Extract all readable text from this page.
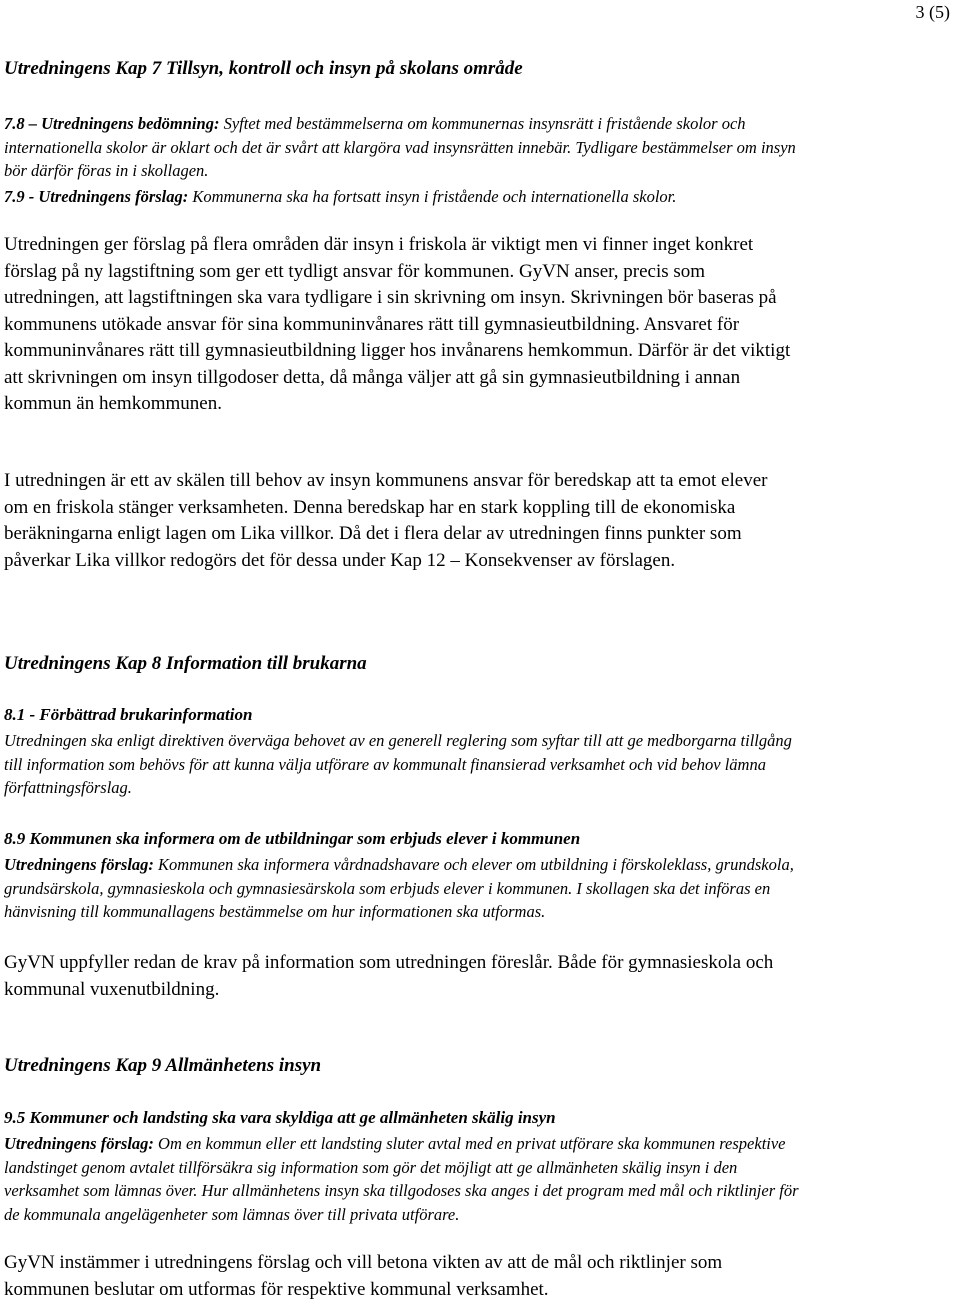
3 (5)
Utredningens Kap 7 Tillsyn, kontroll och insyn på skolans område

7.8 – Utredningens bedömning: Syftet med bestämmelserna om kommunernas insynsrätt i fristående skolor och internationella skolor är oklart och det är svårt att klargöra vad insynsrätten innebär. Tydligare bestämmelser om insyn bör därför föras in i skollagen.

7.9 - Utredningens förslag: Kommunerna ska ha fortsatt insyn i fristående och internationella skolor.

Utredningen ger förslag på flera områden där insyn i friskola är viktigt men vi finner inget konkret förslag på ny lagstiftning som ger ett tydligt ansvar för kommunen. GyVN anser, precis som utredningen, att lagstiftningen ska vara tydligare i sin skrivning om insyn. Skrivningen bör baseras på kommunens utökade ansvar för sina kommuninvånares rätt till gymnasieutbildning. Ansvaret för kommuninvånares rätt till gymnasieutbildning ligger hos invånarens hemkommun. Därför är det viktigt att skrivningen om insyn tillgodoser detta, då många väljer att gå sin gymnasieutbildning i annan kommun än hemkommunen.

I utredningen är ett av skälen till behov av insyn kommunens ansvar för beredskap att ta emot elever om en friskola stänger verksamheten. Denna beredskap har en stark koppling till de ekonomiska beräkningarna enligt lagen om Lika villkor. Då det i flera delar av utredningen finns punkter som påverkar Lika villkor redogörs det för dessa under Kap 12 – Konsekvenser av förslagen.

Utredningens Kap 8 Information till brukarna
8.1 - Förbättrad brukarinformation

Utredningen ska enligt direktiven överväga behovet av en generell reglering som syftar till att ge medborgarna tillgång till information som behövs för att kunna välja utförare av kommunalt finansierad verksamhet och vid behov lämna författningsförslag.

8.9 Kommunen ska informera om de utbildningar som erbjuds elever i kommunen

Utredningens förslag: Kommunen ska informera vårdnadshavare och elever om utbildning i förskoleklass, grundskola, grundsärskola, gymnasieskola och gymnasiesärskola som erbjuds elever i kommunen. I skollagen ska det införas en hänvisning till kommunallagens bestämmelse om hur informationen ska utformas.

GyVN uppfyller redan de krav på information som utredningen föreslår. Både för gymnasieskola och kommunal vuxenutbildning.

Utredningens Kap 9 Allmänhetens insyn
9.5 Kommuner och landsting ska vara skyldiga att ge allmänheten skälig insyn

Utredningens förslag: Om en kommun eller ett landsting sluter avtal med en privat utförare ska kommunen respektive landstinget genom avtalet tillförsäkra sig information som gör det möjligt att ge allmänheten skälig insyn i den verksamhet som lämnas över. Hur allmänhetens insyn ska tillgodoses ska anges i det program med mål och riktlinjer för de kommunala angelägenheter som lämnas över till privata utförare.

GyVN instämmer i utredningens förslag och vill betona vikten av att de mål och riktlinjer som kommunen beslutar om utformas för respektive kommunal verksamhet.
